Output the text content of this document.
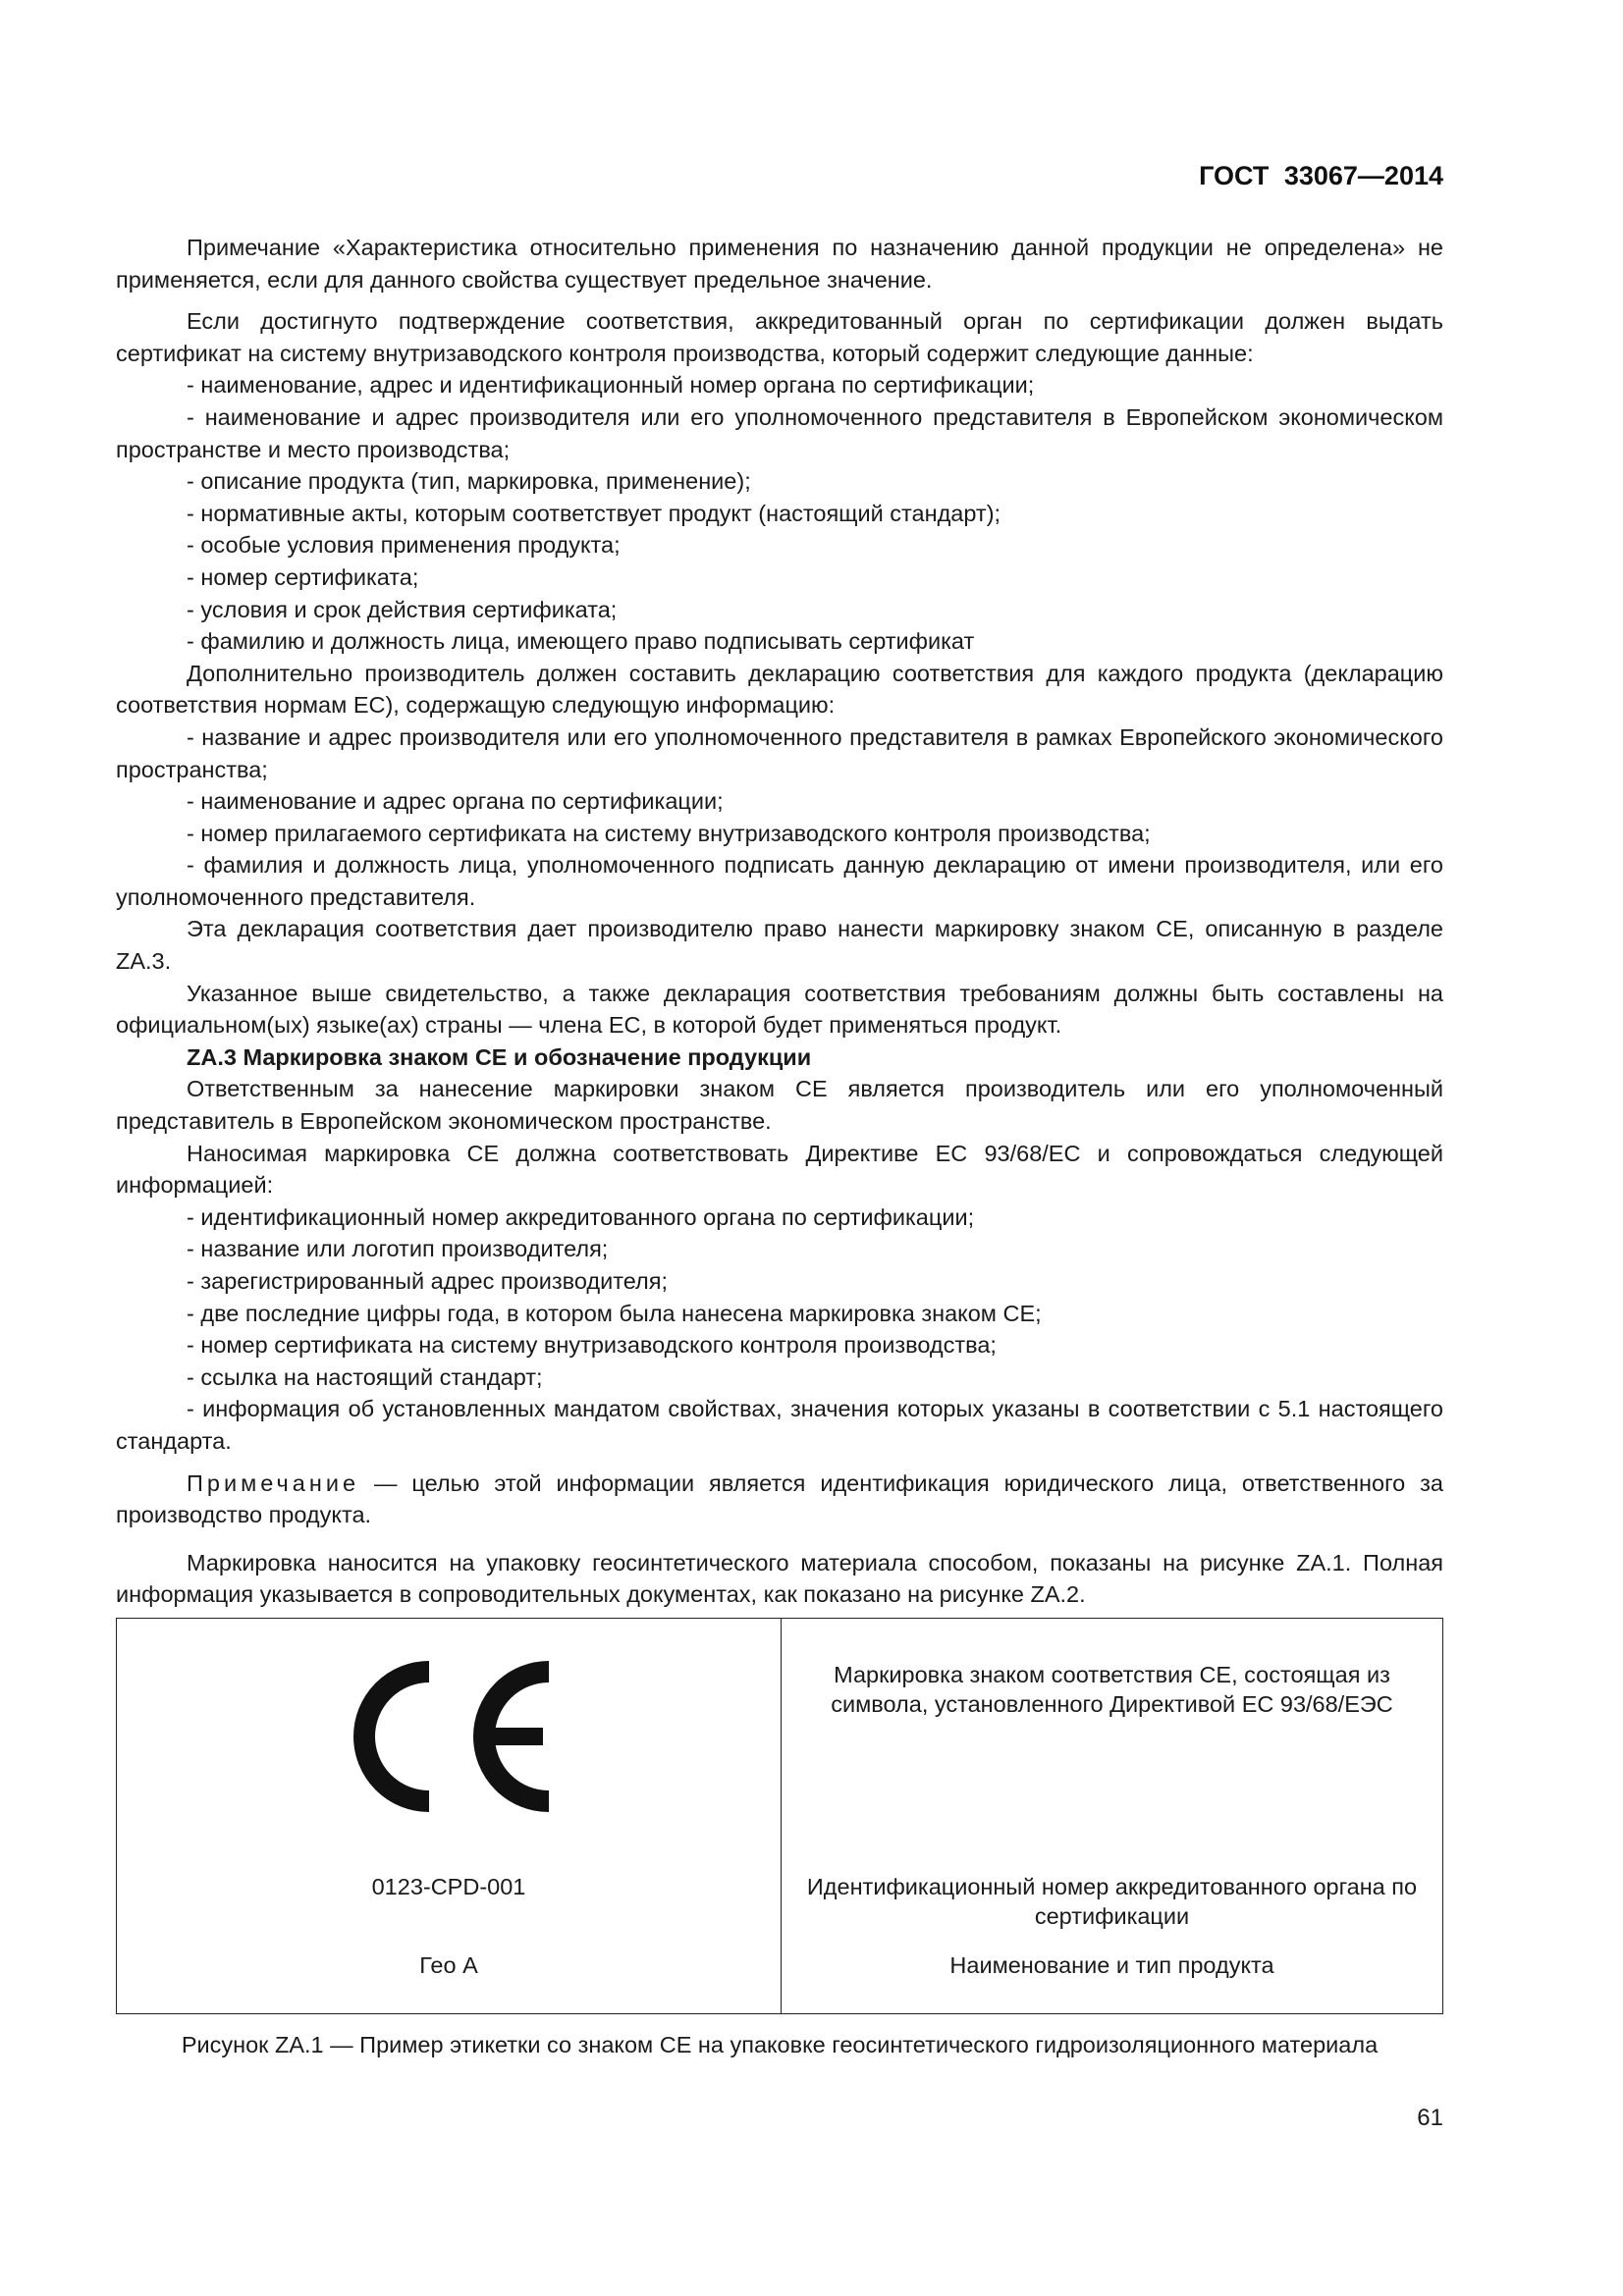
ГОСТ 33067—2014

Примечание «Характеристика относительно применения по назначению данной продукции не определена» не применяется, если для данного свойства существует предельное значение.

Если достигнуто подтверждение соответствия, аккредитованный орган по сертификации должен выдать сертификат на систему внутризаводского контроля производства, который содержит следующие данные:

- наименование, адрес и идентификационный номер органа по сертификации;

- наименование и адрес производителя или его уполномоченного представителя в Европейском экономическом пространстве и место производства;

- описание продукта (тип, маркировка, применение);

- нормативные акты, которым соответствует продукт (настоящий стандарт);

- особые условия применения продукта;

- номер сертификата;

- условия и срок действия сертификата;

- фамилию и должность лица, имеющего право подписывать сертификат

Дополнительно производитель должен составить декларацию соответствия для каждого продукта (декларацию соответствия нормам ЕС), содержащую следующую информацию:

- название и адрес производителя или его уполномоченного представителя в рамках Европейского экономического пространства;

- наименование и адрес органа по сертификации;

- номер прилагаемого сертификата на систему внутризаводского контроля производства;

- фамилия и должность лица, уполномоченного подписать данную декларацию от имени производителя, или его уполномоченного представителя.

Эта декларация соответствия дает производителю право нанести маркировку знаком СЕ, описанную в разделе ZA.3.

Указанное выше свидетельство, а также декларация соответствия требованиям должны быть составлены на официальном(ых) языке(ах) страны — члена ЕС, в которой будет применяться продукт.

ZA.3 Маркировка знаком СЕ и обозначение продукции

Ответственным за нанесение маркировки знаком СЕ является производитель или его уполномоченный представитель в Европейском экономическом пространстве.

Наносимая маркировка СЕ должна соответствовать Директиве ЕС 93/68/ЕС и сопровождаться следующей информацией:

- идентификационный номер аккредитованного органа по сертификации;

- название или логотип производителя;

- зарегистрированный адрес производителя;

- две последние цифры года, в котором была нанесена маркировка знаком СЕ;

- номер сертификата на систему внутризаводского контроля производства;

- ссылка на настоящий стандарт;

- информация об установленных мандатом свойствах, значения которых указаны в соответствии с 5.1 настоящего стандарта.

Примечание — целью этой информации является идентификация юридического лица, ответственного за производство продукта.

Маркировка наносится на упаковку геосинтетического материала способом, показаны на рисунке ZA.1. Полная информация указывается в сопроводительных документах, как показано на рисунке ZA.2.

0123-CPD-001
Гео А
Маркировка знаком соответствия СЕ, состоящая из символа, установленного Директивой ЕС 93/68/ЕЭС
Идентификационный номер аккредитованного органа по сертификации
Наименование и тип продукта
Рисунок ZA.1 — Пример этикетки со знаком СЕ на упаковке геосинтетического гидроизоляционного материала
61
